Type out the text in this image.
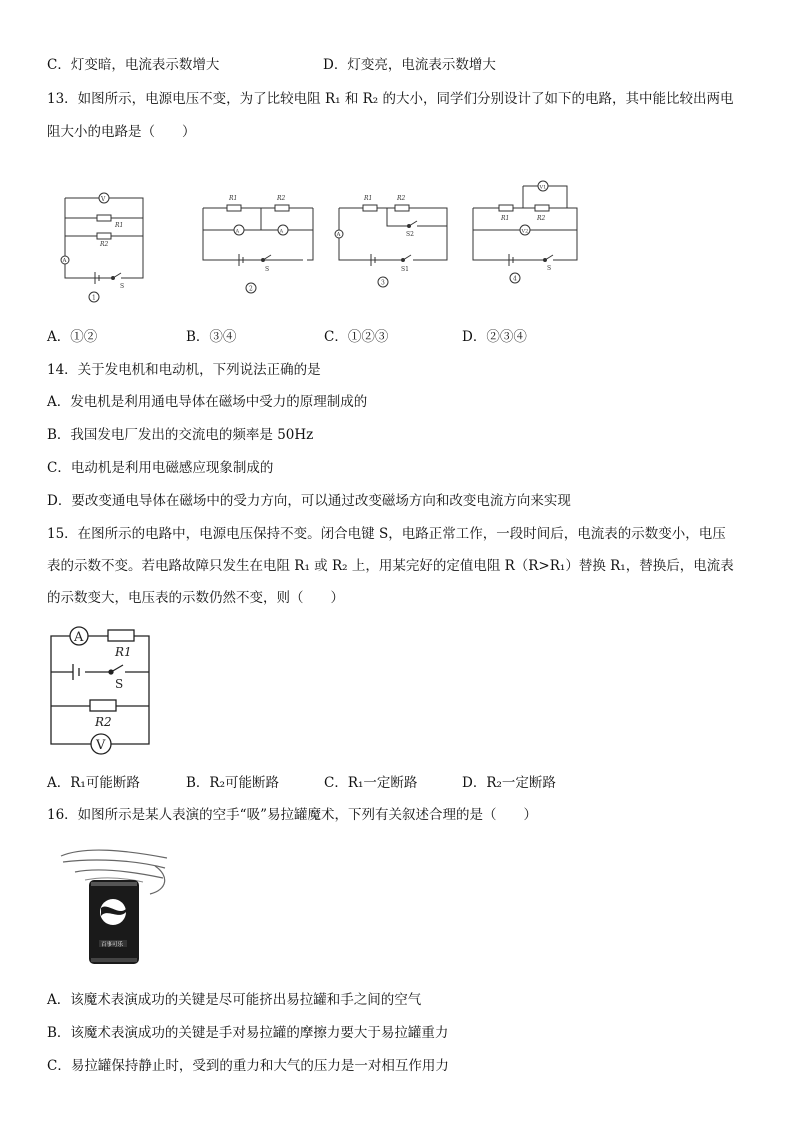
C．灯变暗，电流表示数增大	D．灯变亮，电流表示数增大
13．如图所示，电源电压不变，为了比较电阻 R₁ 和 R₂ 的大小，同学们分别设计了如下的电路，其中能比较出两电
阻大小的电路是（　　）
V
R1
R2
A
S
1
R1	R2
A	A
S
2
R1	R2
S2
A
S1
3
V1
R1	R2
V2
S
4
A．①②	B．③④	C．①②③	D．②③④
14．关于发电机和电动机，下列说法正确的是
A．发电机是利用通电导体在磁场中受力的原理制成的
B．我国发电厂发出的交流电的频率是 50Hz
C．电动机是利用电磁感应现象制成的
D．要改变通电导体在磁场中的受力方向，可以通过改变磁场方向和改变电流方向来实现
15．在图所示的电路中，电源电压保持不变。闭合电键 S，电路正常工作，一段时间后，电流表的示数变小，电压
表的示数不变。若电路故障只发生在电阻 R₁ 或 R₂ 上，用某完好的定值电阻 R（R>R₁）替换 R₁，替换后，电流表
的示数变大，电压表的示数仍然不变，则（　　）
A
R1
S
R2
V
A．R₁可能断路	B．R₂可能断路	C．R₁一定断路	D．R₂一定断路
16．如图所示是某人表演的空手“吸”易拉罐魔术，下列有关叙述合理的是（　　）
百事可乐
A．该魔术表演成功的关键是尽可能挤出易拉罐和手之间的空气
B．该魔术表演成功的关键是手对易拉罐的摩擦力要大于易拉罐重力
C．易拉罐保持静止时，受到的重力和大气的压力是一对相互作用力
